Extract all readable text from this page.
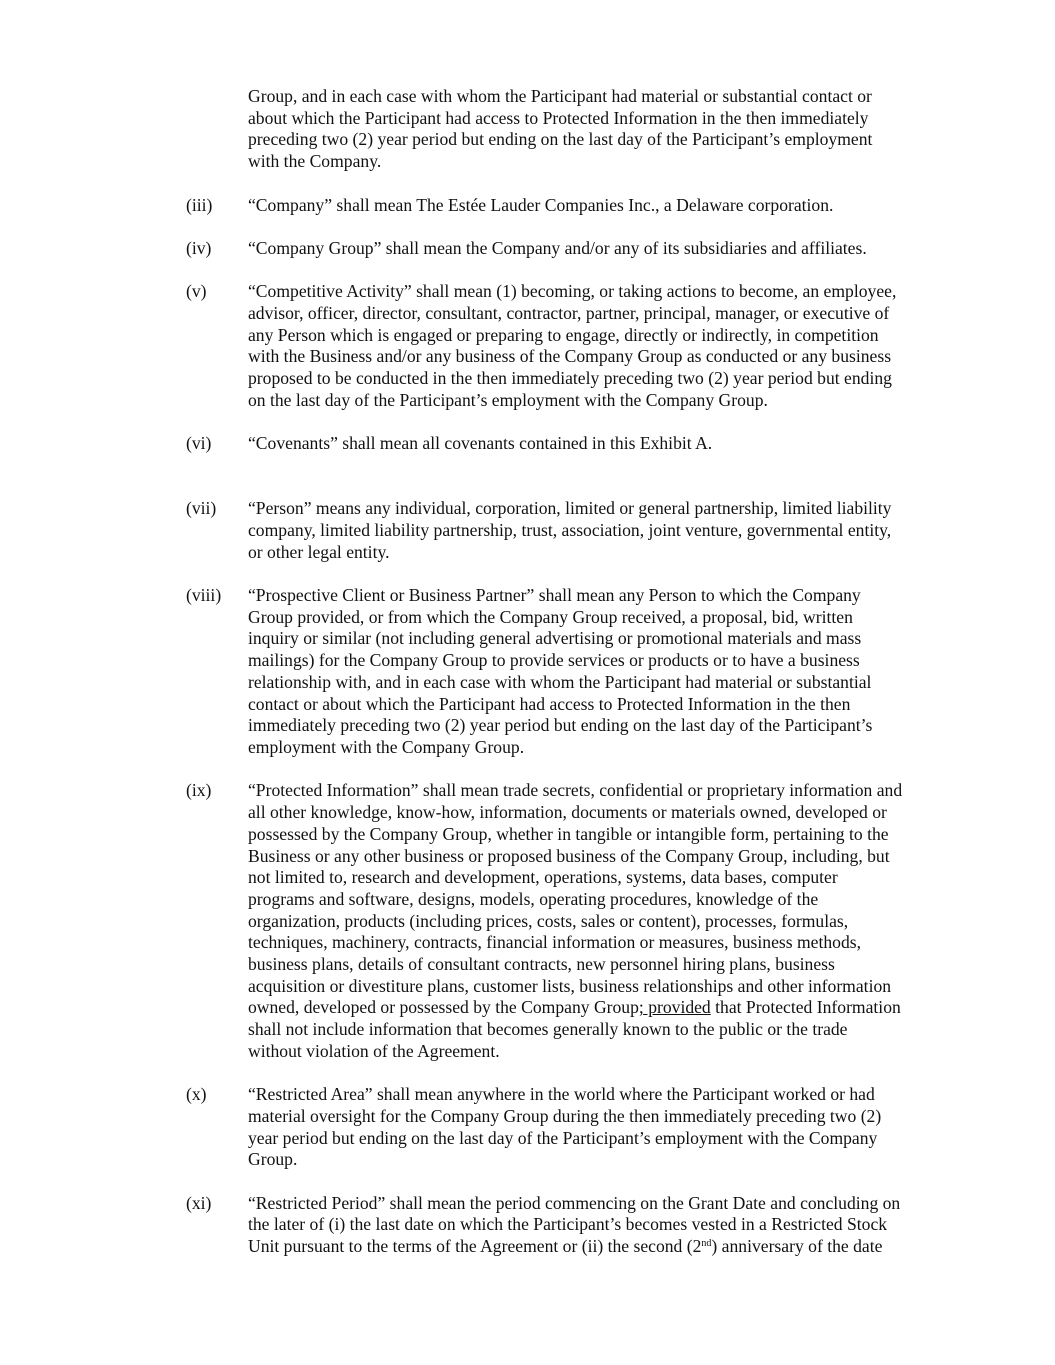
Group, and in each case with whom the Participant had material or substantial contact or
about which the Participant had access to Protected Information in the then immediately
preceding two (2) year period but ending on the last day of the Participant’s employment
with the Company.
(iii) “Company” shall mean The Estée Lauder Companies Inc., a Delaware corporation.
(iv) “Company Group” shall mean the Company and/or any of its subsidiaries and affiliates.
(v) “Competitive Activity” shall mean (1) becoming, or taking actions to become, an employee,
advisor, officer, director, consultant, contractor, partner, principal, manager, or executive of
any Person which is engaged or preparing to engage, directly or indirectly, in competition
with the Business and/or any business of the Company Group as conducted or any business
proposed to be conducted in the then immediately preceding two (2) year period but ending
on the last day of the Participant’s employment with the Company Group.
(vi) “Covenants” shall mean all covenants contained in this Exhibit A.
(vii) “Person” means any individual, corporation, limited or general partnership, limited liability
company, limited liability partnership, trust, association, joint venture, governmental entity,
or other legal entity.
(viii) “Prospective Client or Business Partner” shall mean any Person to which the Company
Group provided, or from which the Company Group received, a proposal, bid, written
inquiry or similar (not including general advertising or promotional materials and mass
mailings) for the Company Group to provide services or products or to have a business
relationship with, and in each case with whom the Participant had material or substantial
contact or about which the Participant had access to Protected Information in the then
immediately preceding two (2) year period but ending on the last day of the Participant’s
employment with the Company Group.
(ix) “Protected Information” shall mean trade secrets, confidential or proprietary information and
all other knowledge, know-how, information, documents or materials owned, developed or
possessed by the Company Group, whether in tangible or intangible form, pertaining to the
Business or any other business or proposed business of the Company Group, including, but
not limited to, research and development, operations, systems, data bases, computer
programs and software, designs, models, operating procedures, knowledge of the
organization, products (including prices, costs, sales or content), processes, formulas,
techniques, machinery, contracts, financial information or measures, business methods,
business plans, details of consultant contracts, new personnel hiring plans, business
acquisition or divestiture plans, customer lists, business relationships and other information
owned, developed or possessed by the Company Group; provided that Protected Information
shall not include information that becomes generally known to the public or the trade
without violation of the Agreement.
(x) “Restricted Area” shall mean anywhere in the world where the Participant worked or had
material oversight for the Company Group during the then immediately preceding two (2)
year period but ending on the last day of the Participant’s employment with the Company
Group.
(xi) “Restricted Period” shall mean the period commencing on the Grant Date and concluding on
the later of (i) the last date on which the Participant’s becomes vested in a Restricted Stock
Unit pursuant to the terms of the Agreement or (ii) the second (2nd) anniversary of the date
